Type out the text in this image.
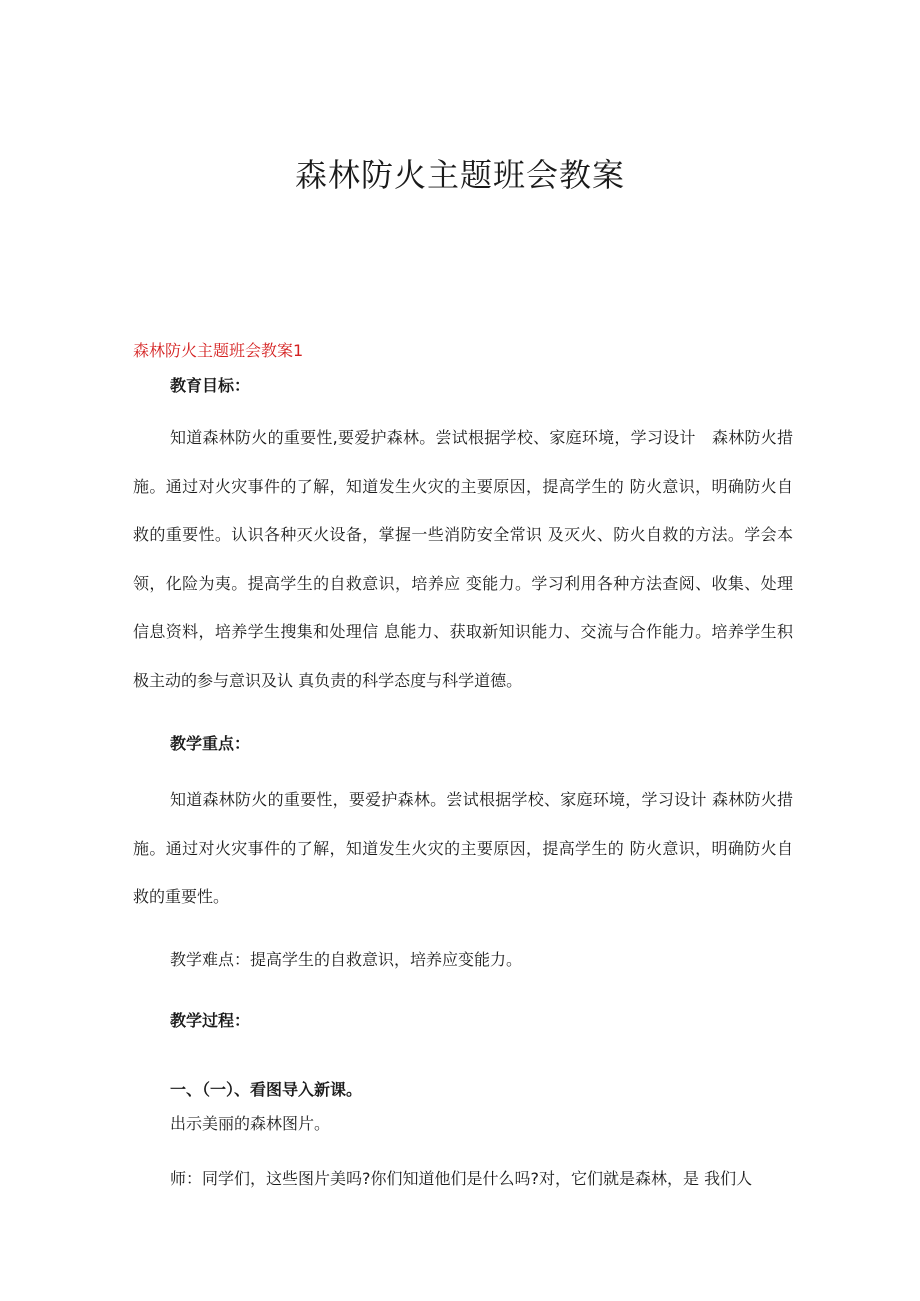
森林防火主题班会教案

森林防火主题班会教案1

教育目标：

知道森林防火的重要性,要爱护森林。尝试根据学校、家庭环境，学习设计　森林防火措施。通过对火灾事件的了解，知道发生火灾的主要原因，提高学生的 防火意识，明确防火自救的重要性。认识各种灭火设备，掌握一些消防安全常识 及灭火、防火自救的方法。学会本领，化险为夷。提高学生的自救意识，培养应 变能力。学习利用各种方法查阅、收集、处理信息资料，培养学生搜集和处理信 息能力、获取新知识能力、交流与合作能力。培养学生积极主动的参与意识及认 真负责的科学态度与科学道德。

教学重点：

知道森林防火的重要性，要爱护森林。尝试根据学校、家庭环境，学习设计 森林防火措施。通过对火灾事件的了解，知道发生火灾的主要原因，提高学生的 防火意识，明确防火自救的重要性。

教学难点：提高学生的自救意识，培养应变能力。

教学过程：

一、（一）、看图导入新课。

出示美丽的森林图片。

师：同学们，这些图片美吗?你们知道他们是什么吗?对，它们就是森林，是 我们人
